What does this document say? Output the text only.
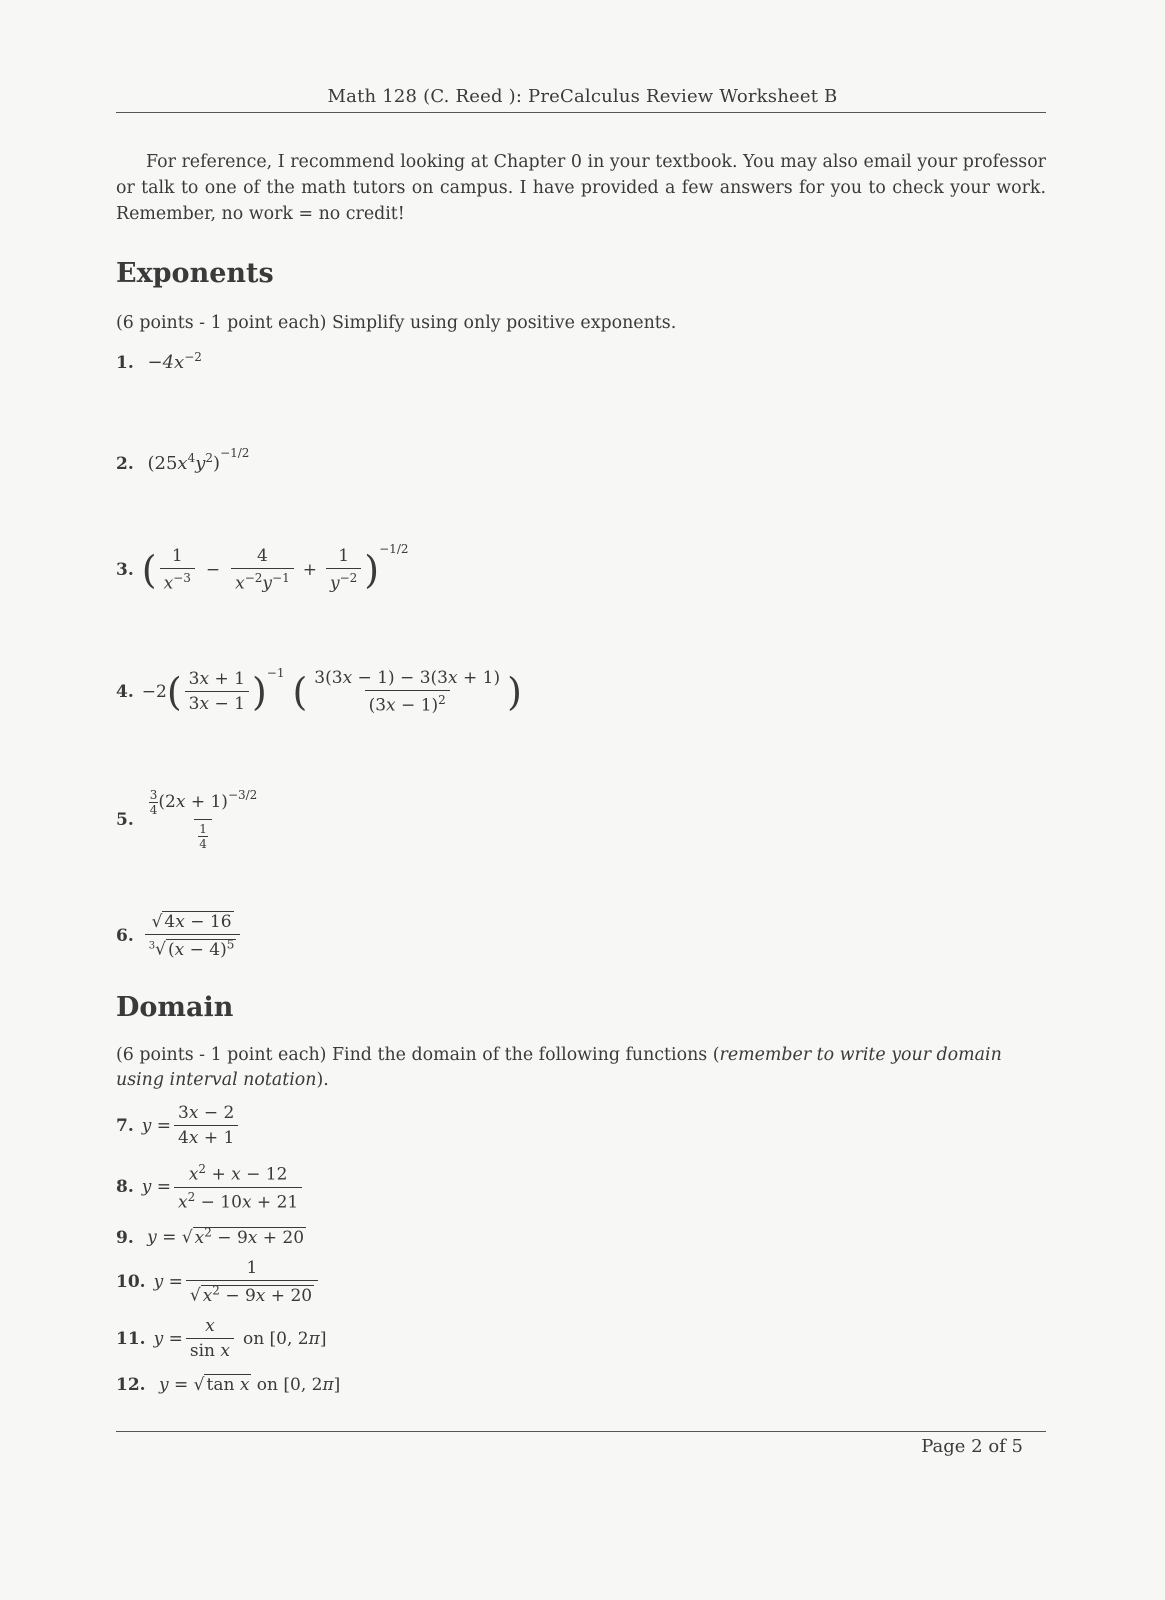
Math 128 (C. Reed ): PreCalculus Review Worksheet B
For reference, I recommend looking at Chapter 0 in your textbook. You may also email your professor or talk to one of the math tutors on campus. I have provided a few answers for you to check your work. Remember, no work = no credit!
Exponents
(6 points - 1 point each) Simplify using only positive exponents.
1. $-4x^{-2}$
2. $(25x^4y^2)^{-1/2}$
3. ( $\frac{1}{x^{-3}} - \frac{4}{x^{-2}y^{-1}} + \frac{1}{y^{-2}}$ ) −1/2
4. −2 ( $\frac{3x + 1}{3x - 1}$ ) −1 ( $\frac{3(3x - 1) - 3(3x + 1)}{(3x - 1)^2}$ )
5. $\frac{\frac{3}{4} (2x + 1)^{-3/2}}{\frac{1}{4}}$
6. $\frac{√ 4x - 16}{^3√ (x - 4)^5}$
Domain
(6 points - 1 point each) Find the domain of the following functions (remember to write your domain using interval notation).
7. $y = \frac{3x - 2}{4x + 1}$
8. $y = \frac{x^2 + x - 12}{x^2 - 10x + 21}$
9. y = √ $x^2 - 9x + 20$
10. $y = \frac{1}{√ x^2 - 9x + 20}$
11. $y = \frac{x}{\text{sin x}}$ on [0, 2π]
12. y = √ tan x on [0, 2π]
Page 2 of 5
